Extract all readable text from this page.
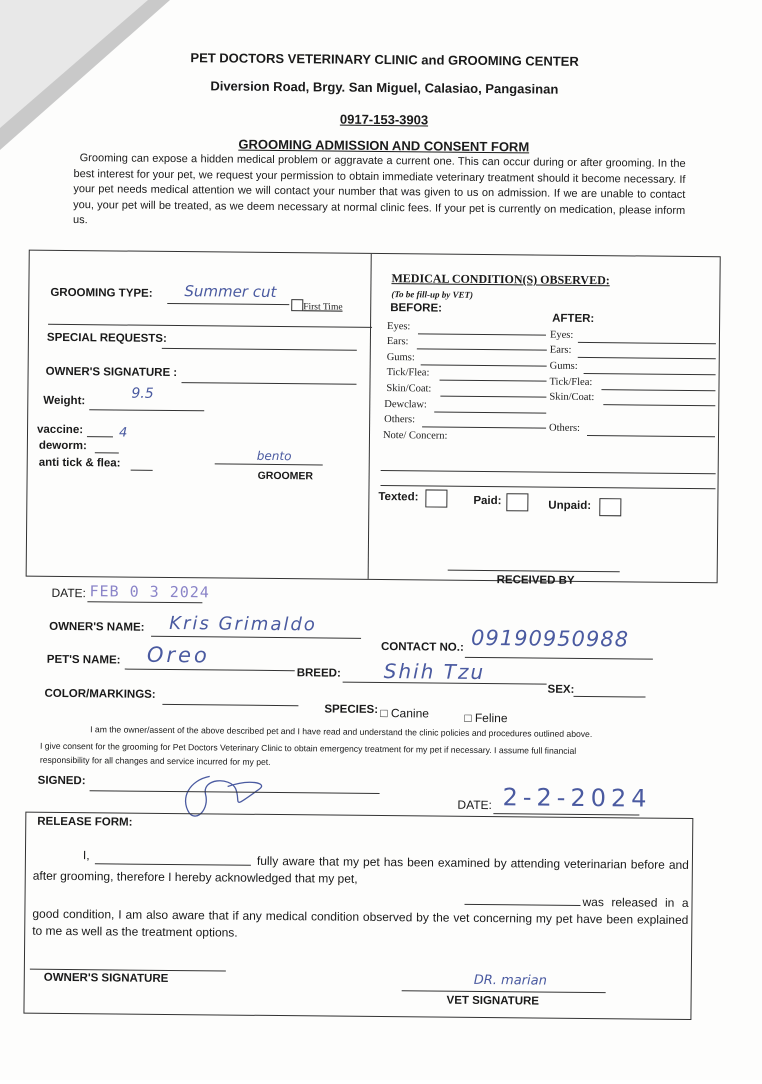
PET DOCTORS VETERINARY CLINIC and GROOMING CENTER
Diversion Road, Brgy. San Miguel, Calasiao, Pangasinan
0917-153-3903
GROOMING ADMISSION AND CONSENT FORM
Grooming can expose a hidden medical problem or aggravate a current one. This can occur during or after grooming. In the best interest for your pet, we request your permission to obtain immediate veterinary treatment should it become necessary. If your pet needs medical attention we will contact your number that was given to us on admission. If we are unable to contact you, your pet will be treated, as we deem necessary at normal clinic fees. If your pet is currently on medication, please inform us.
GROOMING TYPE: Summer cut
First Time
SPECIAL REQUESTS:
OWNER'S SIGNATURE :
Weight:	9.5
vaccine:	4
deworm:
anti tick & flea:	bento
GROOMER
MEDICAL CONDITION(S) OBSERVED:
(To be fill-up by VET)
BEFORE:
AFTER:
Eyes:
Ears:
Gums:
Tick/Flea:
Skin/Coat:
Dewclaw:
Others:
Note/ Concern:
Eyes:
Ears:
Gums:
Tick/Flea:
Skin/Coat:
Others:
Texted:	Paid:	Unpaid:
RECEIVED BY
DATE: FEB 0 3 2024
OWNER'S NAME: Kris Grimaldo
CONTACT NO.: 09190950988
PET'S NAME: Oreo
BREED: Shih Tzu
SEX:
COLOR/MARKINGS:
SPECIES: □ Canine	□ Feline
I am the owner/assent of the above described pet and I have read and understand the clinic policies and procedures outlined above.
I give consent for the grooming for Pet Doctors Veterinary Clinic to obtain emergency treatment for my pet if necessary. I assume full financial
responsibility for all changes and service incurred for my pet.
SIGNED:
DATE: 2-2-2024
RELEASE FORM:
I,	fully aware that my pet has been examined by attending veterinarian before and after grooming, therefore I hereby acknowledged that my pet,
was released in a good condition, I am also aware that if any medical condition observed by the vet concerning my pet have been explained to me as well as the treatment options.
OWNER'S SIGNATURE	DR. marian
VET SIGNATURE
